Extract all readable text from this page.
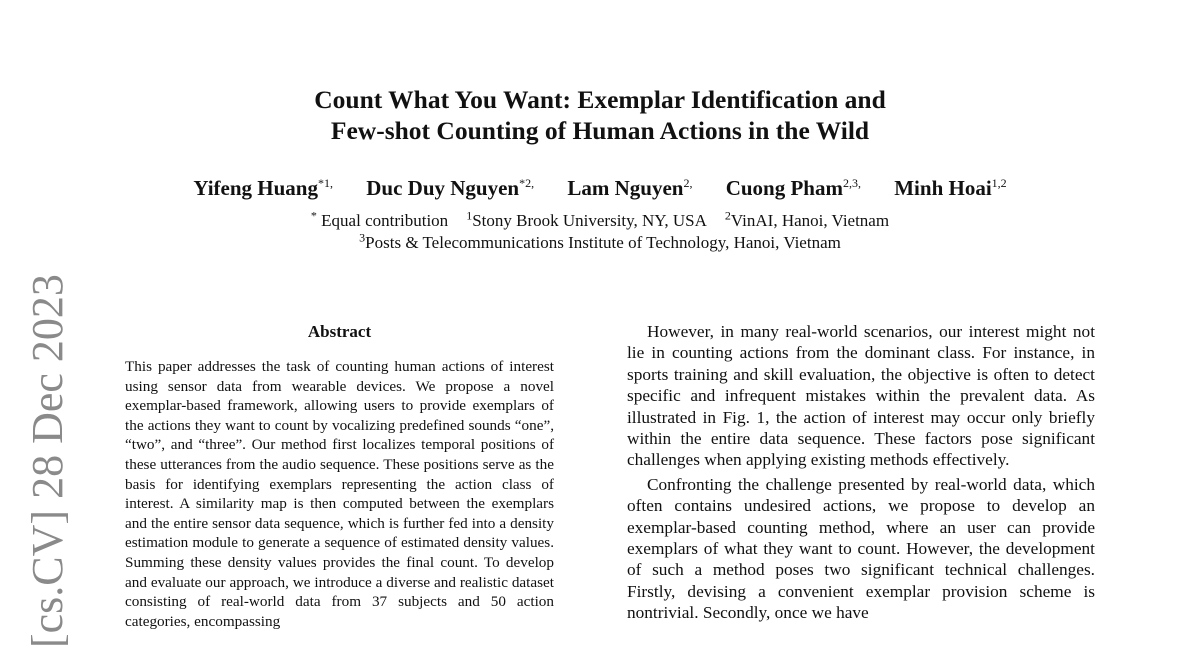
[cs.CV] 28 Dec 2023
Count What You Want: Exemplar Identification and
Few-shot Counting of Human Actions in the Wild
Yifeng Huang$^{*1,}$ Duc Duy Nguyen$^{*2,}$ Lam Nguyen$^{2,}$ Cuong Pham$^{2,3,}$ Minh Hoai$^{1,2}$
* Equal contribution $^1$Stony Brook University, NY, USA $^2$VinAI, Hanoi, Vietnam
$^3$Posts & Telecommunications Institute of Technology, Hanoi, Vietnam
Abstract

This paper addresses the task of counting human actions of interest using sensor data from wearable devices. We propose a novel exemplar-based framework, allowing users to provide exemplars of the actions they want to count by vocalizing predefined sounds “one”, “two”, and “three”. Our method first localizes temporal positions of these utterances from the audio sequence. These positions serve as the basis for identifying exemplars representing the action class of interest. A similarity map is then computed between the exemplars and the entire sensor data sequence, which is further fed into a density estimation module to generate a sequence of estimated density values. Summing these density values provides the final count. To develop and evaluate our approach, we introduce a diverse and realistic dataset consisting of real-world data from 37 subjects and 50 action categories, encompassing

However, in many real-world scenarios, our interest might not lie in counting actions from the dominant class. For instance, in sports training and skill evaluation, the objective is often to detect specific and infrequent mistakes within the prevalent data. As illustrated in Fig. 1, the action of interest may occur only briefly within the entire data sequence. These factors pose significant challenges when applying existing methods effectively.

Confronting the challenge presented by real-world data, which often contains undesired actions, we propose to develop an exemplar-based counting method, where an user can provide exemplars of what they want to count. However, the development of such a method poses two significant technical challenges. Firstly, devising a convenient exemplar provision scheme is nontrivial. Secondly, once we have
